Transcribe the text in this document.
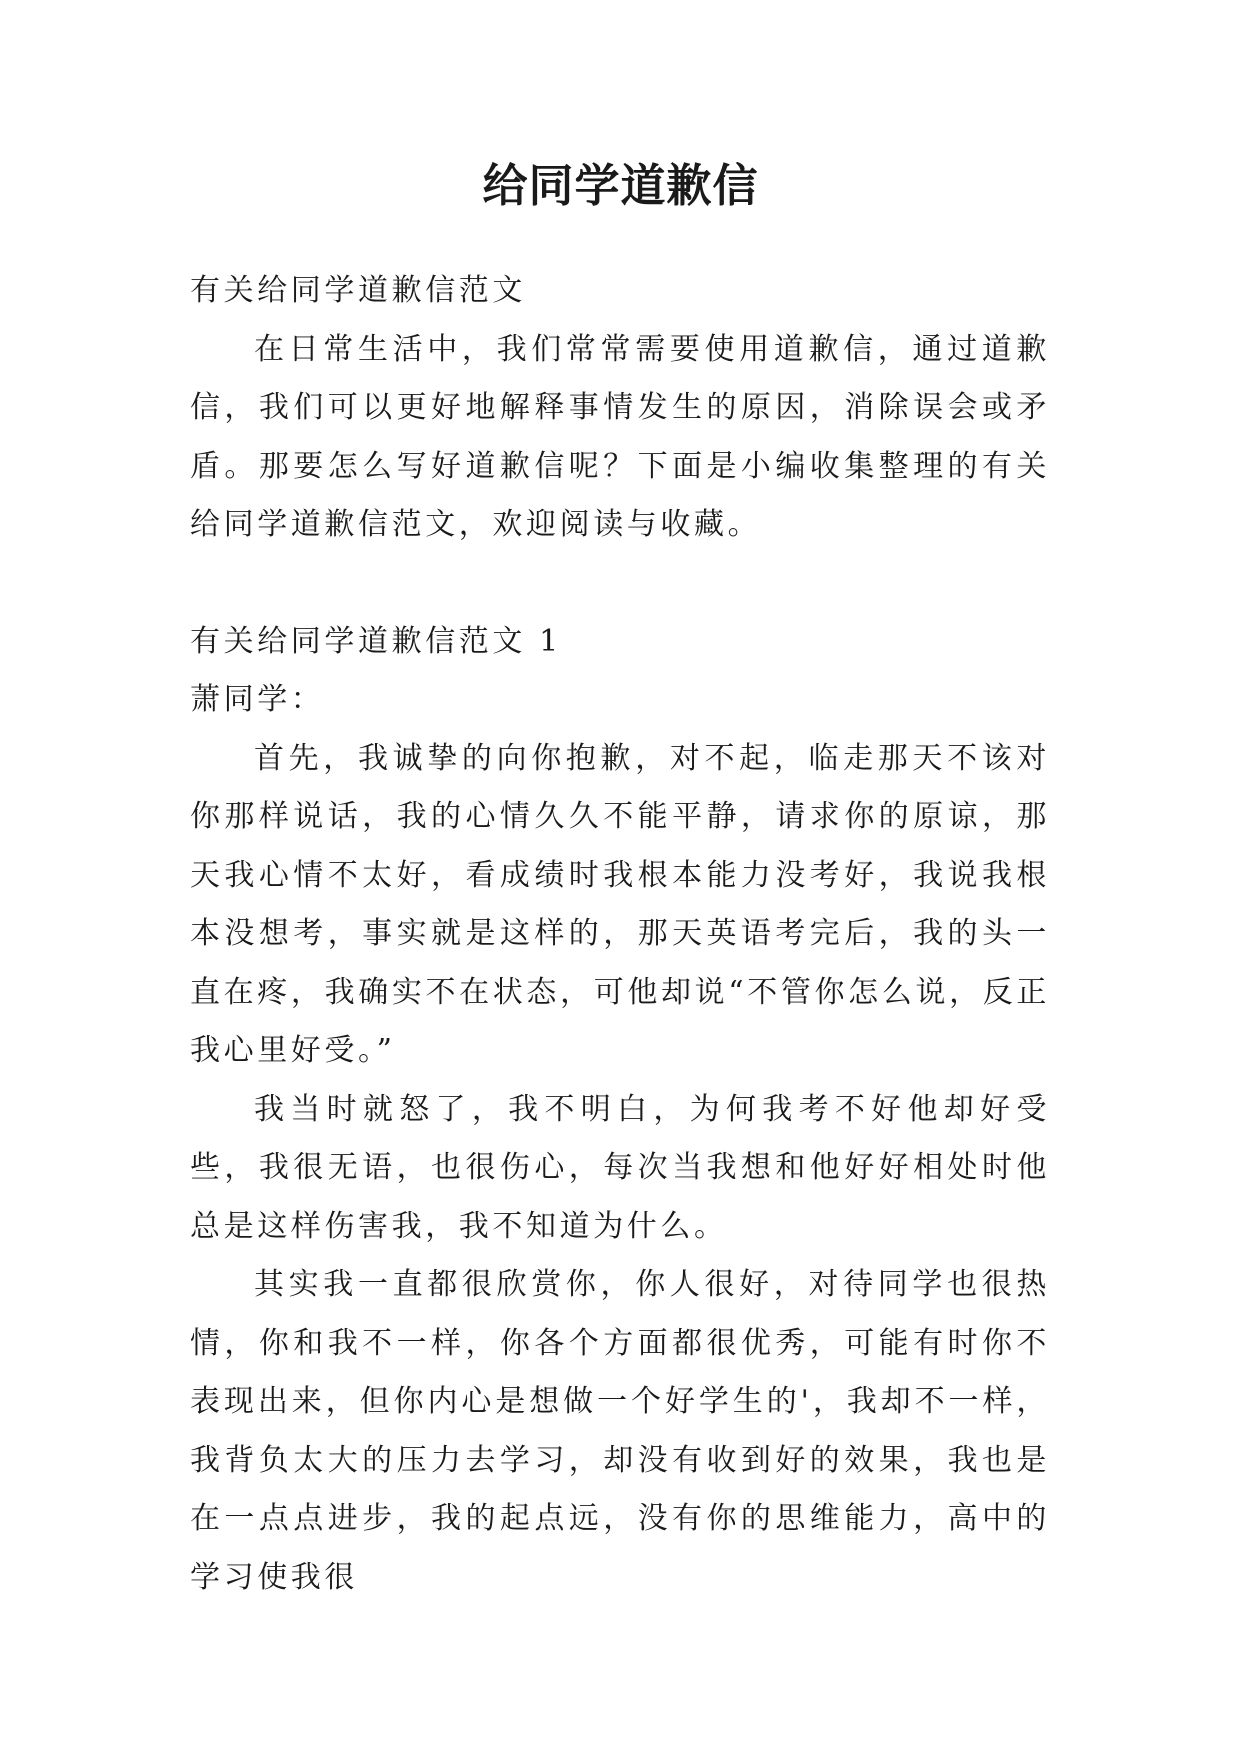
给同学道歉信

有关给同学道歉信范文

在日常生活中，我们常常需要使用道歉信，通过道歉信，我们可以更好地解释事情发生的原因，消除误会或矛盾。那要怎么写好道歉信呢？下面是小编收集整理的有关给同学道歉信范文，欢迎阅读与收藏。

有关给同学道歉信范文 1

萧同学：

首先，我诚挚的向你抱歉，对不起，临走那天不该对你那样说话，我的心情久久不能平静，请求你的原谅，那天我心情不太好，看成绩时我根本能力没考好，我说我根本没想考，事实就是这样的，那天英语考完后，我的头一直在疼，我确实不在状态，可他却说“不管你怎么说，反正我心里好受。”

我当时就怒了，我不明白，为何我考不好他却好受些，我很无语，也很伤心，每次当我想和他好好相处时他总是这样伤害我，我不知道为什么。

其实我一直都很欣赏你，你人很好，对待同学也很热情，你和我不一样，你各个方面都很优秀，可能有时你不表现出来，但你内心是想做一个好学生的'，我却不一样，我背负太大的压力去学习，却没有收到好的效果，我也是在一点点进步，我的起点远，没有你的思维能力，高中的学习使我很
